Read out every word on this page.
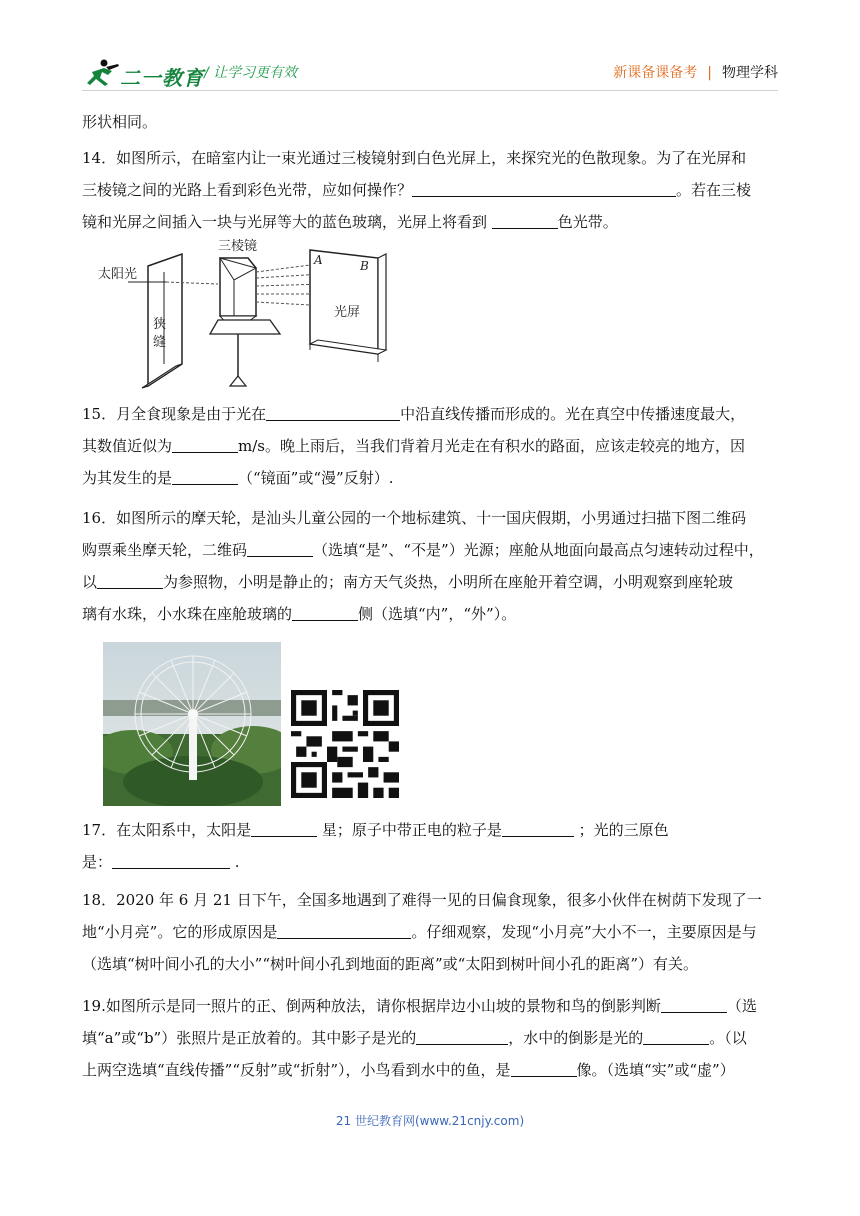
二一教育 / 让学习更有效	新课备课备考 | 物理学科
形状相同。
14．如图所示，在暗室内让一束光通过三棱镜射到白色光屏上，来探究光的色散现象。为了在光屏和
三棱镜之间的光路上看到彩色光带，应如何操作？	。若在三棱
镜和光屏之间插入一块与光屏等大的蓝色玻璃，光屏上将看到	色光带。
太阳光
狭
缝
三棱镜
光屏
A	B
15．月全食现象是由于光在	中沿直线传播而形成的。光在真空中传播速度最大，
其数值近似为	m/s。晚上雨后，当我们背着月光走在有积水的路面，应该走较亮的地方，因
为其发生的是	（“镜面”或“漫”反射）.
16．如图所示的摩天轮，是汕头儿童公园的一个地标建筑、十一国庆假期，小男通过扫描下图二维码
购票乘坐摩天轮，二维码	（选填“是”、“不是”）光源；座舱从地面向最高点匀速转动过程中，
以	为参照物，小明是静止的；南方天气炎热，小明所在座舱开着空调，小明观察到座轮玻
璃有水珠，小水珠在座舱玻璃的	侧（选填“内”，“外”）。
17．在太阳系中，太阳是	星；原子中带正电的粒子是	；光的三原色
是：	.
18．2020 年 6 月 21 日下午，全国多地遇到了难得一见的日偏食现象，很多小伙伴在树荫下发现了一
地“小月亮”。它的形成原因是	。仔细观察，发现“小月亮”大小不一，主要原因是与
（选填“树叶间小孔的大小”“树叶间小孔到地面的距离”或“太阳到树叶间小孔的距离”）有关。
19.如图所示是同一照片的正、倒两种放法，请你根据岸边小山坡的景物和鸟的倒影判断	（选
填“a”或“b”）张照片是正放着的。其中影子是光的	，水中的倒影是光的	。（以
上两空选填“直线传播”“反射”或“折射”），小鸟看到水中的鱼，是	像。（选填“实”或“虚”）
21 世纪教育网(www.21cnjy.com)
